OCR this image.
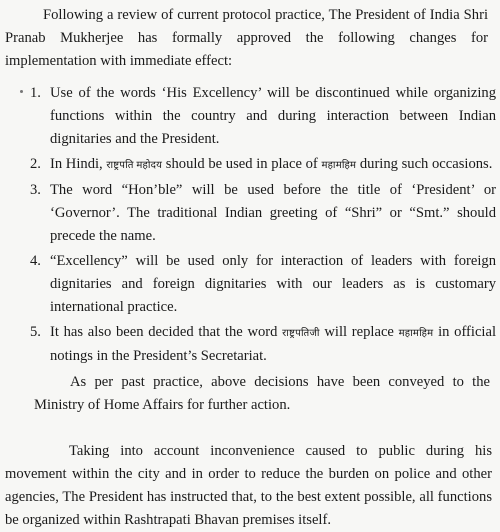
Following a review of current protocol practice, The President of India Shri Pranab Mukherjee has formally approved the following changes for implementation with immediate effect:

1. Use of the words ‘His Excellency’ will be discontinued while organizing functions within the country and during interaction between Indian dignitaries and the President.
2. In Hindi, राष्ट्रपति महोदय should be used in place of महामहिम during such occasions.
3. The word “Hon’ble” will be used before the title of ‘President’ or ‘Governor’. The traditional Indian greeting of “Shri” or “Smt.” should precede the name.
4. “Excellency” will be used only for interaction of leaders with foreign dignitaries and foreign dignitaries with our leaders as is customary international practice.
5. It has also been decided that the word राष्ट्रपतिजी will replace महामहिम in official notings in the President’s Secretariat.

As per past practice, above decisions have been conveyed to the Ministry of Home Affairs for further action.

Taking into account inconvenience caused to public during his movement within the city and in order to reduce the burden on police and other agencies, The President has instructed that, to the best extent possible, all functions be organized within Rashtrapati Bhavan premises itself.
